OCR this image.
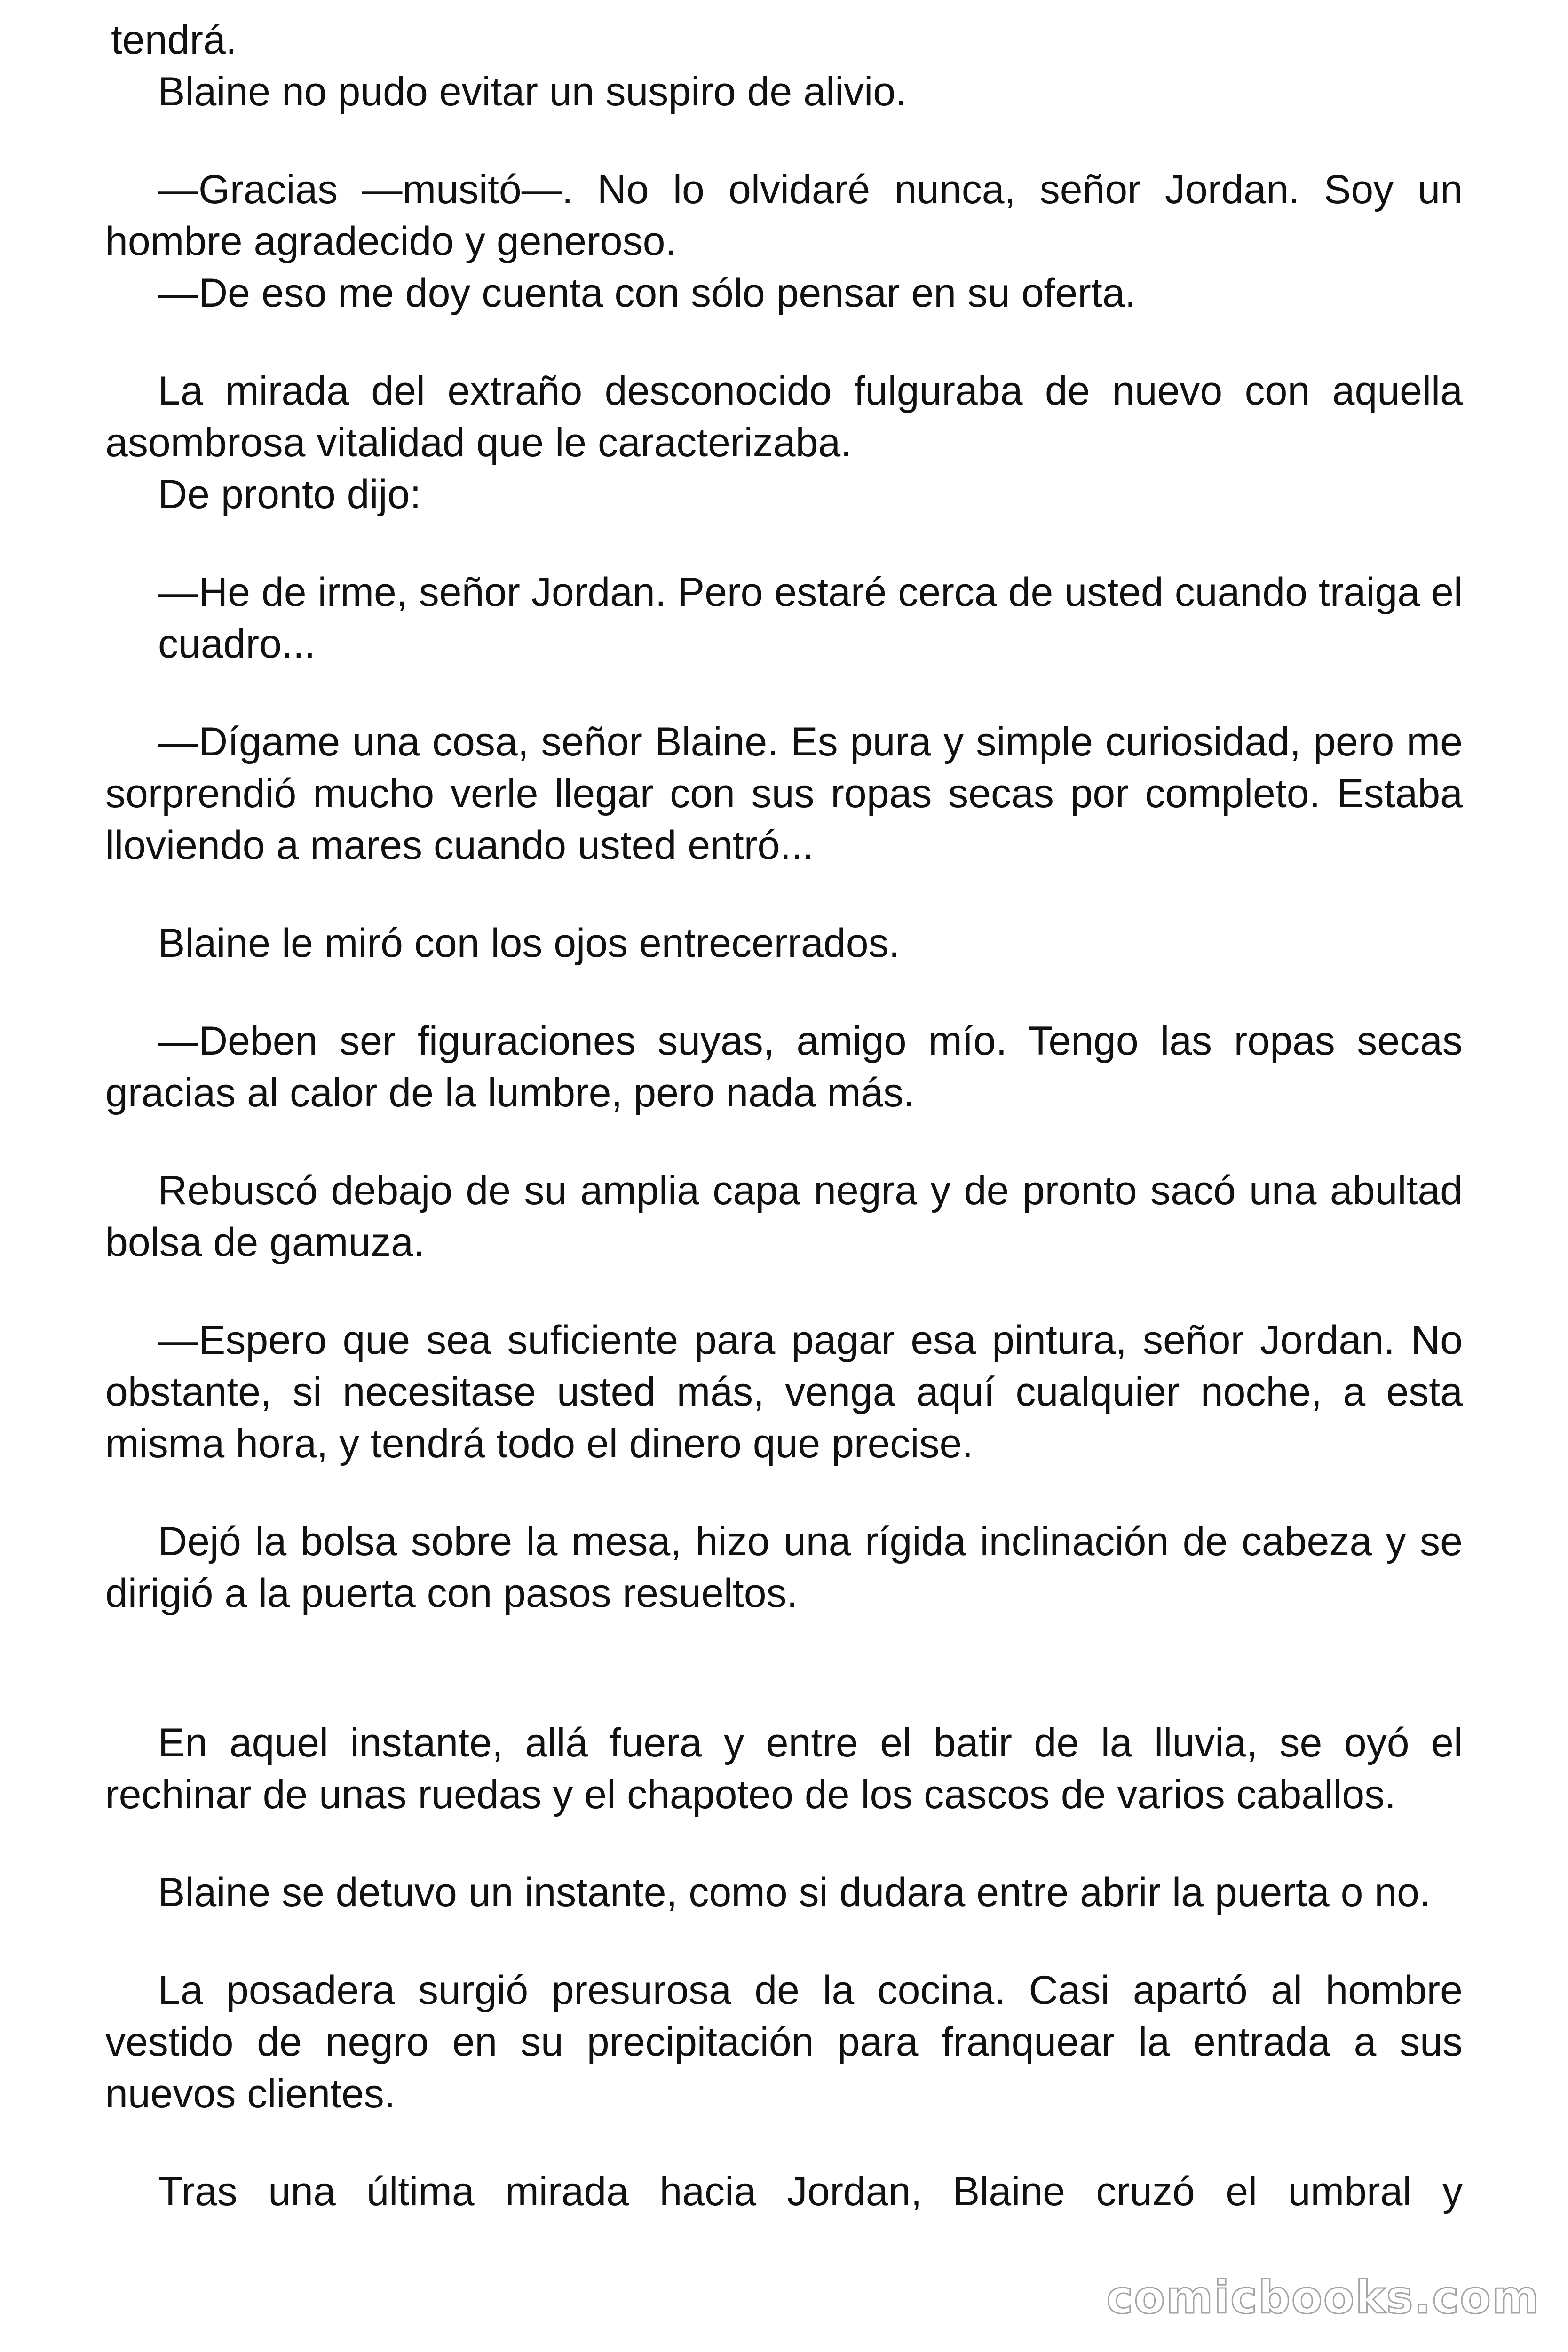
tendrá.

Blaine no pudo evitar un suspiro de alivio.

—Gracias —musitó—. No lo olvidaré nunca, señor Jordan. Soy un hombre agradecido y generoso.

—De eso me doy cuenta con sólo pensar en su oferta.

La mirada del extraño desconocido fulguraba de nuevo con aquella asombrosa vitalidad que le caracterizaba.

De pronto dijo:

—He de irme, señor Jordan. Pero estaré cerca de usted cuando traiga el cuadro...

—Dígame una cosa, señor Blaine. Es pura y simple curiosidad, pero me sorprendió mucho verle llegar con sus ropas secas por completo. Estaba lloviendo a mares cuando usted entró...

Blaine le miró con los ojos entrecerrados.

—Deben ser figuraciones suyas, amigo mío. Tengo las ropas secas gracias al calor de la lumbre, pero nada más.

Rebuscó debajo de su amplia capa negra y de pronto sacó una abultad bolsa de gamuza.

—Espero que sea suficiente para pagar esa pintura, señor Jordan. No obstante, si necesitase usted más, venga aquí cualquier noche, a esta misma hora, y tendrá todo el dinero que precise.

Dejó la bolsa sobre la mesa, hizo una rígida inclinación de cabeza y se dirigió a la puerta con pasos resueltos.

En aquel instante, allá fuera y entre el batir de la lluvia, se oyó el rechinar de unas ruedas y el chapoteo de los cascos de varios caballos.

Blaine se detuvo un instante, como si dudara entre abrir la puerta o no.

La posadera surgió presurosa de la cocina. Casi apartó al hombre vestido de negro en su precipitación para franquear la entrada a sus nuevos clientes.

Tras una última mirada hacia Jordan, Blaine cruzó el umbral y

comicbooks.com
